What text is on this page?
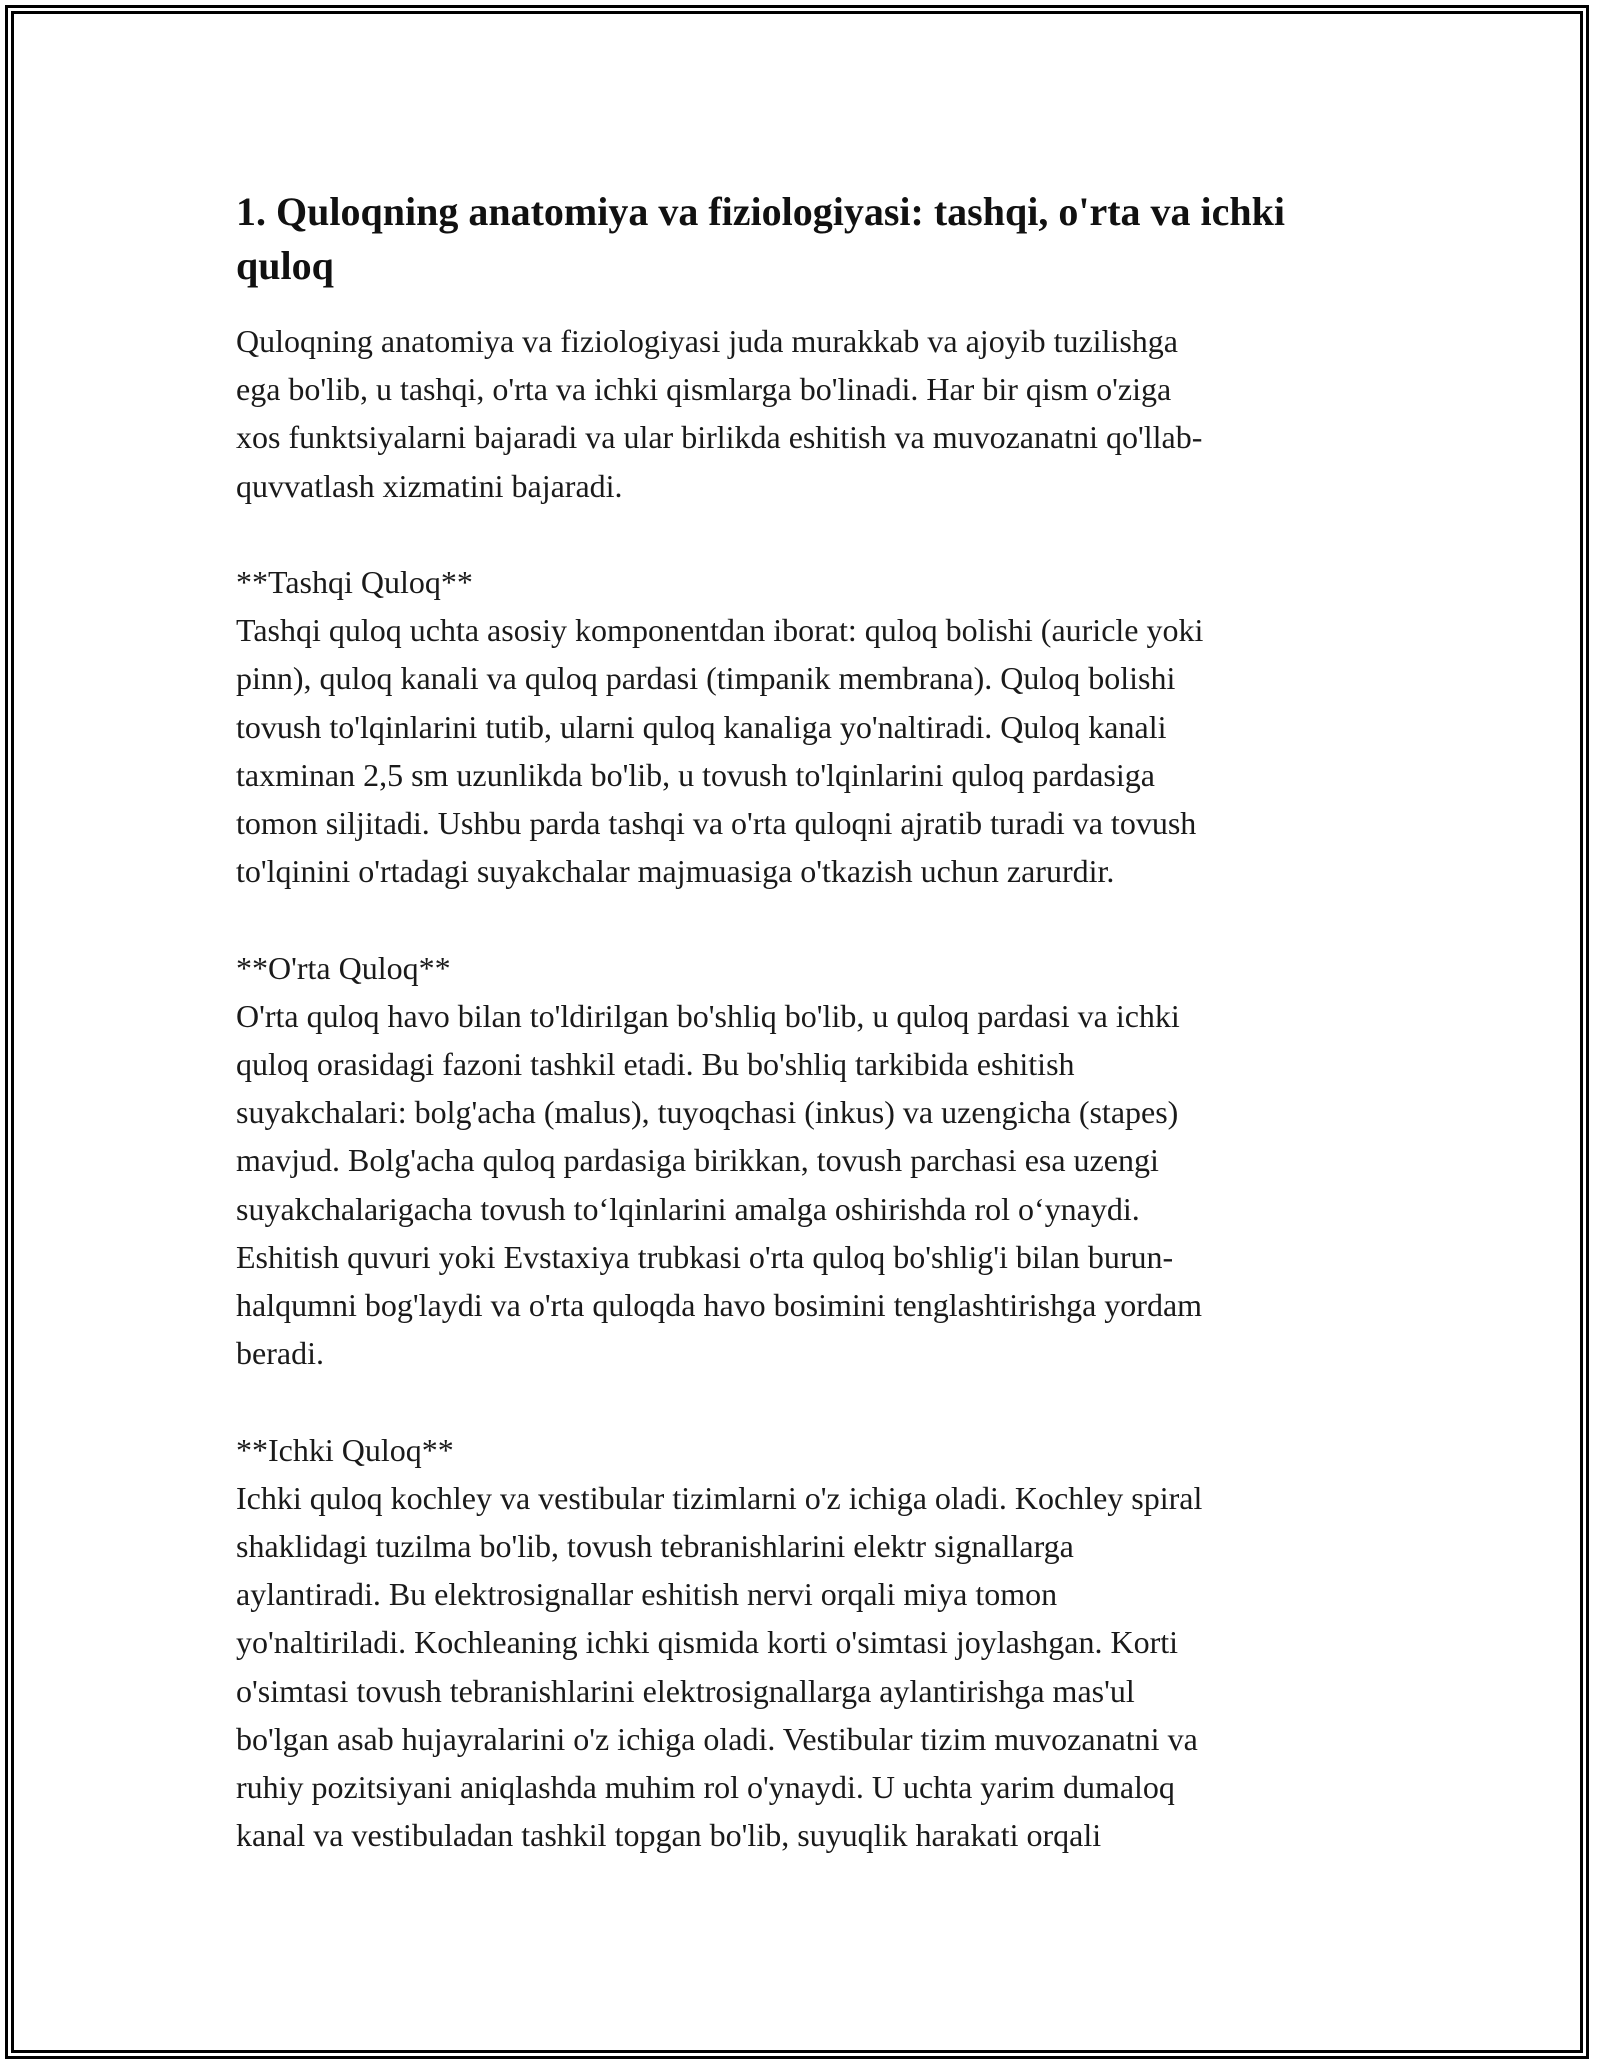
1. Quloqning anatomiya va fiziologiyasi: tashqi, o'rta va ichki quloq

Quloqning anatomiya va fiziologiyasi juda murakkab va ajoyib tuzilishga
ega bo'lib, u tashqi, o'rta va ichki qismlarga bo'linadi. Har bir qism o'ziga
xos funktsiyalarni bajaradi va ular birlikda eshitish va muvozanatni qo'llab-
quvvatlash xizmatini bajaradi.

**Tashqi Quloq**

Tashqi quloq uchta asosiy komponentdan iborat: quloq bolishi (auricle yoki
pinn), quloq kanali va quloq pardasi (timpanik membrana). Quloq bolishi
tovush to'lqinlarini tutib, ularni quloq kanaliga yo'naltiradi. Quloq kanali
taxminan 2,5 sm uzunlikda bo'lib, u tovush to'lqinlarini quloq pardasiga
tomon siljitadi. Ushbu parda tashqi va o'rta quloqni ajratib turadi va tovush
to'lqinini o'rtadagi suyakchalar majmuasiga o'tkazish uchun zarurdir.

**O'rta Quloq**

O'rta quloq havo bilan to'ldirilgan bo'shliq bo'lib, u quloq pardasi va ichki
quloq orasidagi fazoni tashkil etadi. Bu bo'shliq tarkibida eshitish
suyakchalari: bolg'acha (malus), tuyoqchasi (inkus) va uzengicha (stapes)
mavjud. Bolg'acha quloq pardasiga birikkan, tovush parchasi esa uzengi
suyakchalarigacha tovush to‘lqinlarini amalga oshirishda rol o‘ynaydi.
Eshitish quvuri yoki Evstaxiya trubkasi o'rta quloq bo'shlig'i bilan burun-
halqumni bog'laydi va o'rta quloqda havo bosimini tenglashtirishga yordam
beradi.

**Ichki Quloq**

Ichki quloq kochley va vestibular tizimlarni o'z ichiga oladi. Kochley spiral
shaklidagi tuzilma bo'lib, tovush tebranishlarini elektr signallarga
aylantiradi. Bu elektrosignallar eshitish nervi orqali miya tomon
yo'naltiriladi. Kochleaning ichki qismida korti o'simtasi joylashgan. Korti
o'simtasi tovush tebranishlarini elektrosignallarga aylantirishga mas'ul
bo'lgan asab hujayralarini o'z ichiga oladi. Vestibular tizim muvozanatni va
ruhiy pozitsiyani aniqlashda muhim rol o'ynaydi. U uchta yarim dumaloq
kanal va vestibuladan tashkil topgan bo'lib, suyuqlik harakati orqali
